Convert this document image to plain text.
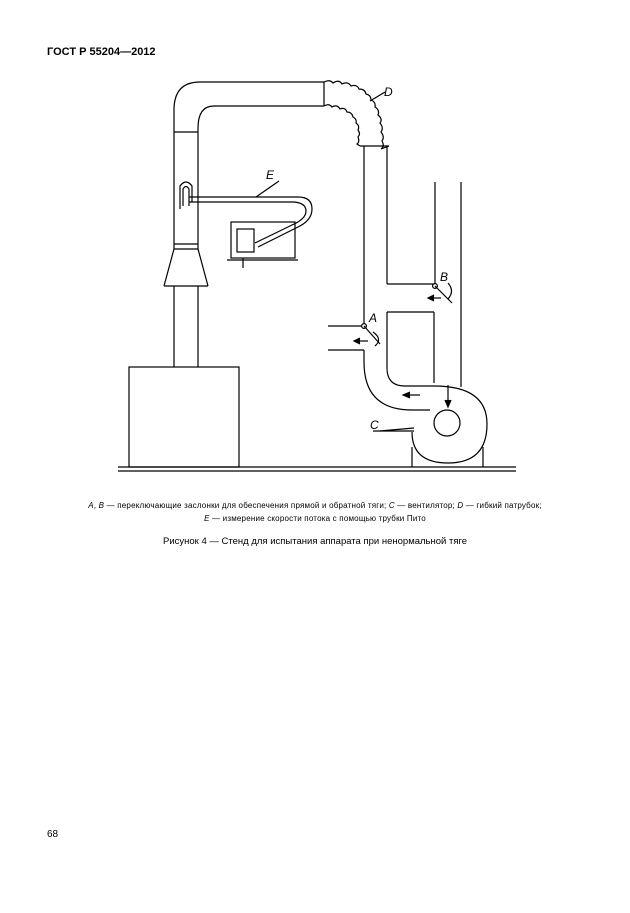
ГОСТ Р 55204—2012
D
E
B
A
C
A, B — переключающие заслонки для обеспечения прямой и обратной тяги; C — вентилятор; D — гибкий патрубок;
E — измерение скорости потока с помощью трубки Пито
Рисунок 4 — Стенд для испытания аппарата при ненормальной тяге
68
